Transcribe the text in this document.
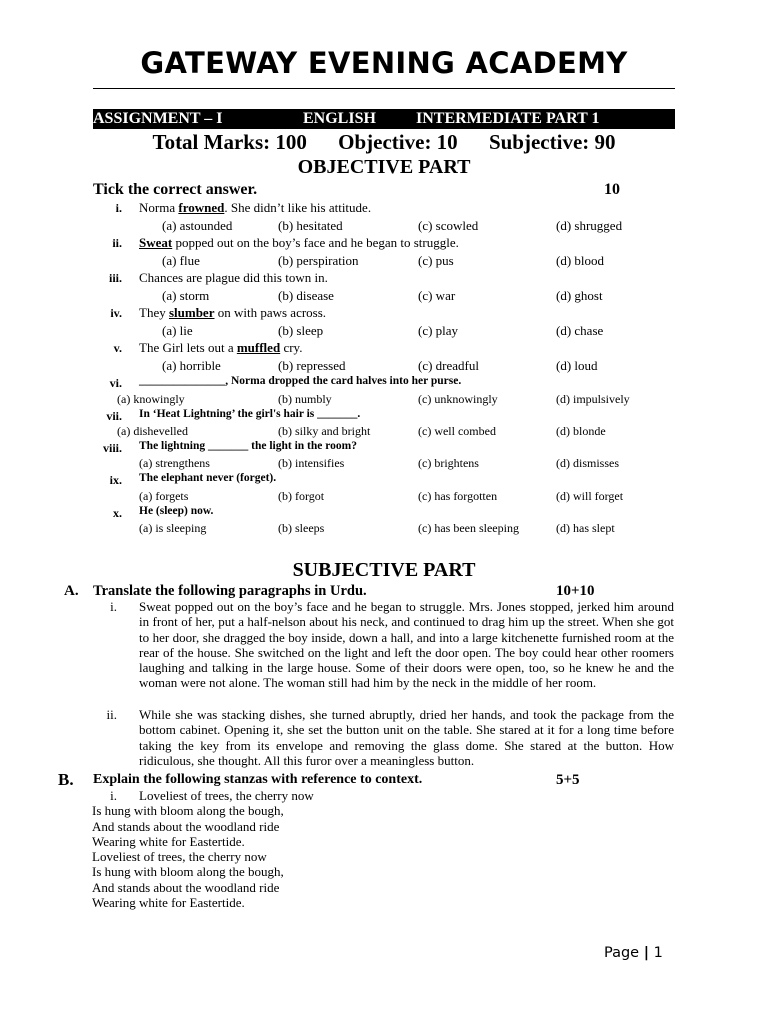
GATEWAY EVENING ACADEMY
ASSIGNMENT – I	ENGLISH	INTERMEDIATE PART 1
Total Marks: 100 Objective: 10 Subjective: 90
OBJECTIVE PART
Tick the correct answer.	10
i. Norma frowned. She didn’t like his attitude.
(a) astounded	(b) hesitated	(c) scowled	(d) shrugged
ii. Sweat popped out on the boy’s face and he began to struggle.
(a) flue	(b) perspiration	(c) pus	(d) blood
iii. Chances are plague did this town in.
(a) storm	(b) disease	(c) war	(d) ghost
iv. They slumber on with paws across.
(a) lie	(b) sleep	(c) play	(d) chase
v. The Girl lets out a muffled cry.
(a) horrible	(b) repressed	(c) dreadful	(d) loud
vi. _______________, Norma dropped the card halves into her purse.
(a) knowingly	(b) numbly	(c) unknowingly	(d) impulsively
vii. In ‘Heat Lightning’ the girl's hair is _______.
(a) dishevelled	(b) silky and bright	(c) well combed	(d) blonde
viii. The lightning _______ the light in the room?
(a) strengthens	(b) intensifies	(c) brightens	(d) dismisses
ix. The elephant never (forget).
(a) forgets	(b) forgot	(c) has forgotten	(d) will forget
x. He (sleep) now.
(a) is sleeping	(b) sleeps	(c) has been sleeping	(d) has slept
SUBJECTIVE PART
A. Translate the following paragraphs in Urdu.	10+10
i. Sweat popped out on the boy’s face and he began to struggle. Mrs. Jones stopped, jerked him around in front of her, put a half-nelson about his neck, and continued to drag him up the street. When she got to her door, she dragged the boy inside, down a hall, and into a large kitchenette furnished room at the rear of the house. She switched on the light and left the door open. The boy could hear other roomers laughing and talking in the large house. Some of their doors were open, too, so he knew he and the woman were not alone. The woman still had him by the neck in the middle of her room.
ii. While she was stacking dishes, she turned abruptly, dried her hands, and took the package from the bottom cabinet. Opening it, she set the button unit on the table. She stared at it for a long time before taking the key from its envelope and removing the glass dome. She stared at the button. How ridiculous, she thought. All this furor over a meaningless button.
B. Explain the following stanzas with reference to context.	5+5
i. Loveliest of trees, the cherry now
Is hung with bloom along the bough,
And stands about the woodland ride
Wearing white for Eastertide.
Loveliest of trees, the cherry now
Is hung with bloom along the bough,
And stands about the woodland ride
Wearing white for Eastertide.
Page | 1
